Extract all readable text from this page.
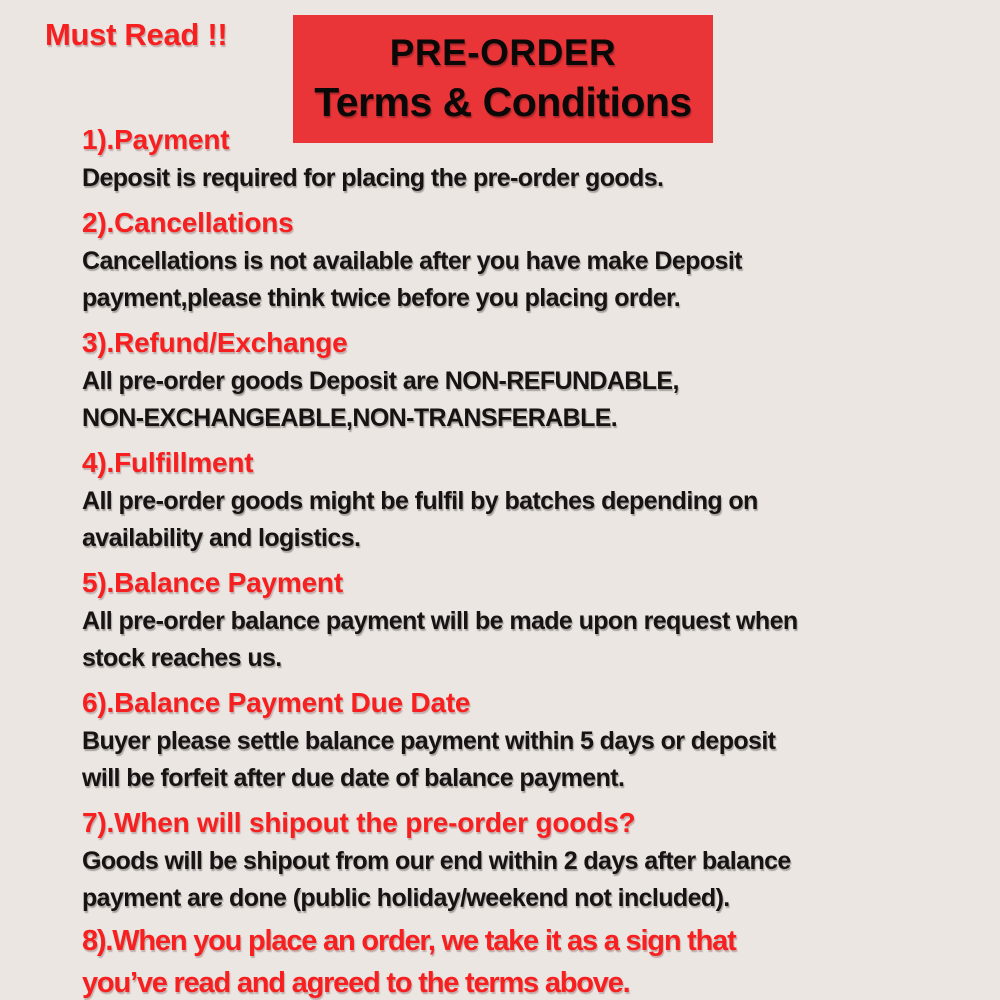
Must Read !!	PRE-ORDER
Terms & Conditions
1).Payment
Deposit is required for placing the pre-order goods.
2).Cancellations
Cancellations is not available after you have make Deposit
payment,please think twice before you placing order.
3).Refund/Exchange
All pre-order goods Deposit are NON-REFUNDABLE,
NON-EXCHANGEABLE,NON-TRANSFERABLE.
4).Fulfillment
All pre-order goods might be fulfil by batches depending on
availability and logistics.
5).Balance Payment
All pre-order balance payment will be made upon request when
stock reaches us.
6).Balance Payment Due Date
Buyer please settle balance payment within 5 days or deposit
will be forfeit after due date of balance payment.
7).When will shipout the pre-order goods?
Goods will be shipout from our end within 2 days after balance
payment are done (public holiday/weekend not included).
8).When you place an order, we take it as a sign that
you’ve read and agreed to the terms above.
